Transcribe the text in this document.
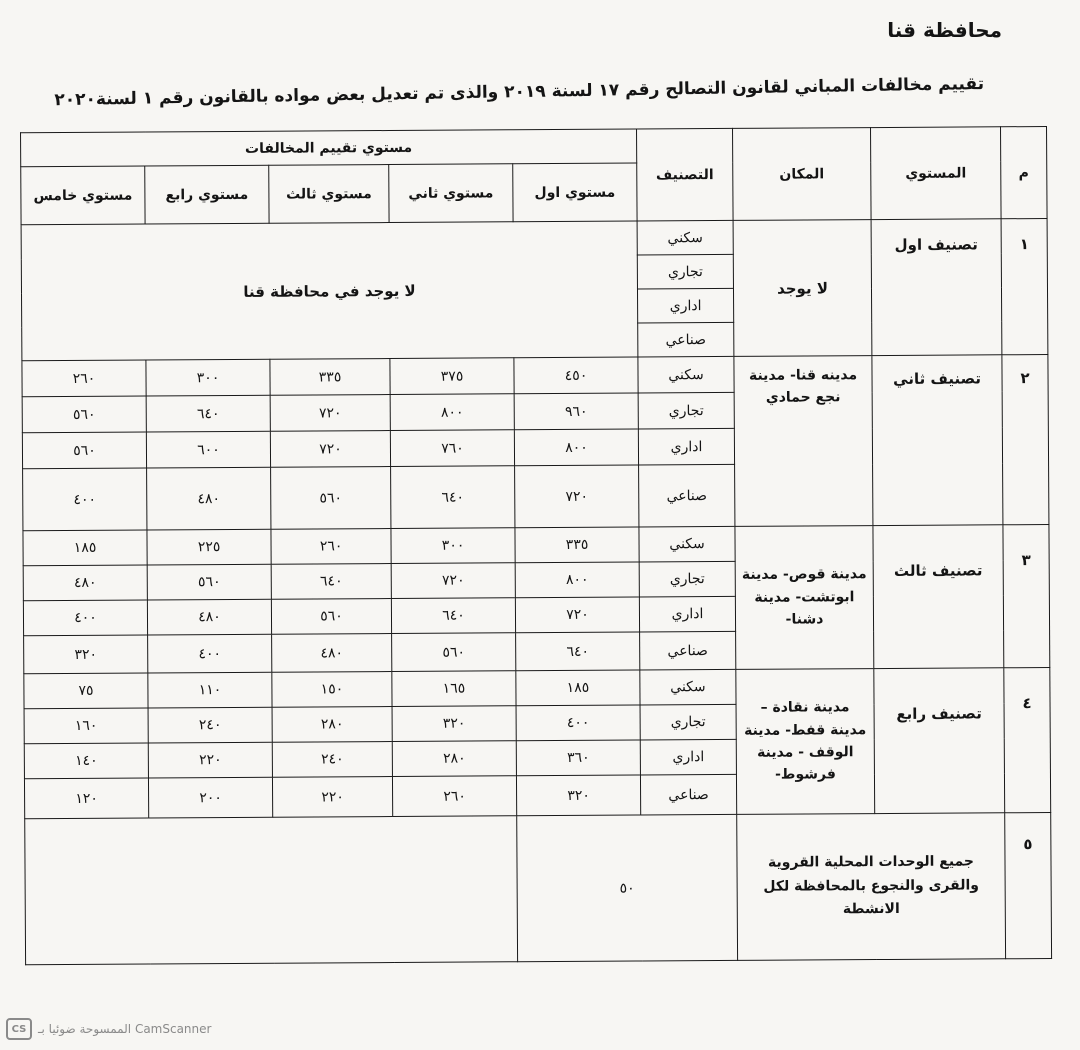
محافظة قنا
تقييم مخالفات المباني لقانون التصالح رقم ١٧ لسنة ٢٠١٩ والذى تم تعديل بعض مواده بالقانون رقم ١ لسنة٢٠٢٠
م	المستوي	المكان	التصنيف	مستوي تقييم المخالفات				
				مستوي اول	مستوي ثاني	مستوي ثالث	مستوي رابع	مستوي خامس
١	تصنيف اول	لا يوجد	سكني	لا يوجد في محافظة قنا				
			تجاري					
			اداري					
			صناعي					
٢	تصنيف ثاني	مدينه قنا- مدينة نجع حمادي	سكني	٤٥٠	٣٧٥	٣٣٥	٣٠٠	٢٦٠
			تجاري	٩٦٠	٨٠٠	٧٢٠	٦٤٠	٥٦٠
			اداري	٨٠٠	٧٦٠	٧٢٠	٦٠٠	٥٦٠
			صناعي	٧٢٠	٦٤٠	٥٦٠	٤٨٠	٤٠٠
٣	تصنيف ثالث	مدينة قوص- مدينة ابوتشت- مدينة دشنا-	سكني	٣٣٥	٣٠٠	٢٦٠	٢٢٥	١٨٥
			تجاري	٨٠٠	٧٢٠	٦٤٠	٥٦٠	٤٨٠
			اداري	٧٢٠	٦٤٠	٥٦٠	٤٨٠	٤٠٠
			صناعي	٦٤٠	٥٦٠	٤٨٠	٤٠٠	٣٢٠
٤	تصنيف رابع	مدينة نقادة – مدينة قفط- مدينة الوقف - مدينة فرشوط-	سكني	١٨٥	١٦٥	١٥٠	١١٠	٧٥
			تجاري	٤٠٠	٣٢٠	٢٨٠	٢٤٠	١٦٠
			اداري	٣٦٠	٢٨٠	٢٤٠	٢٢٠	١٤٠
			صناعي	٣٢٠	٢٦٠	٢٢٠	٢٠٠	١٢٠
٥	جميع الوحدات المحلية القروية والقرى والنجوع بالمحافظة لكل الانشطة		٥٠					
CS الممسوحة ضوئيا بـ CamScanner
